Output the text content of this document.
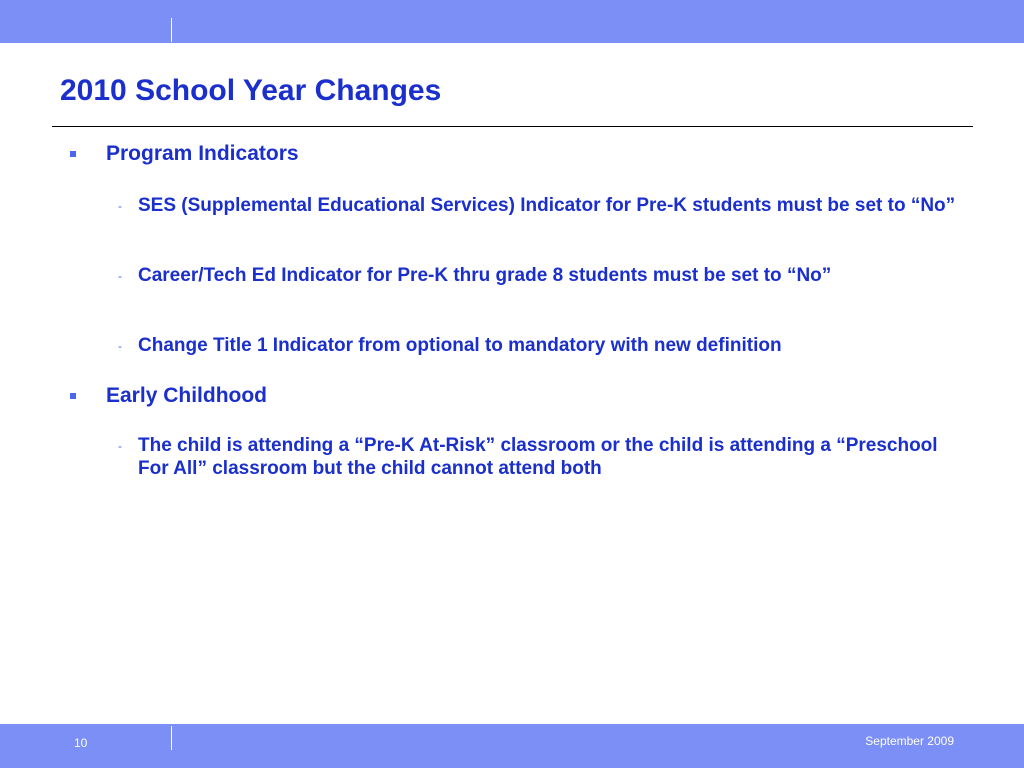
2010 School Year Changes
Program Indicators
- SES (Supplemental Educational Services) Indicator for Pre-K students must be set to “No”
- Career/Tech Ed Indicator for Pre-K thru grade 8 students must be set to “No”
- Change Title 1 Indicator from optional to mandatory with new definition
Early Childhood
- The child is attending a “Pre-K At-Risk” classroom or the child is attending a “Preschool For All” classroom but the child cannot attend both
10	September 2009
